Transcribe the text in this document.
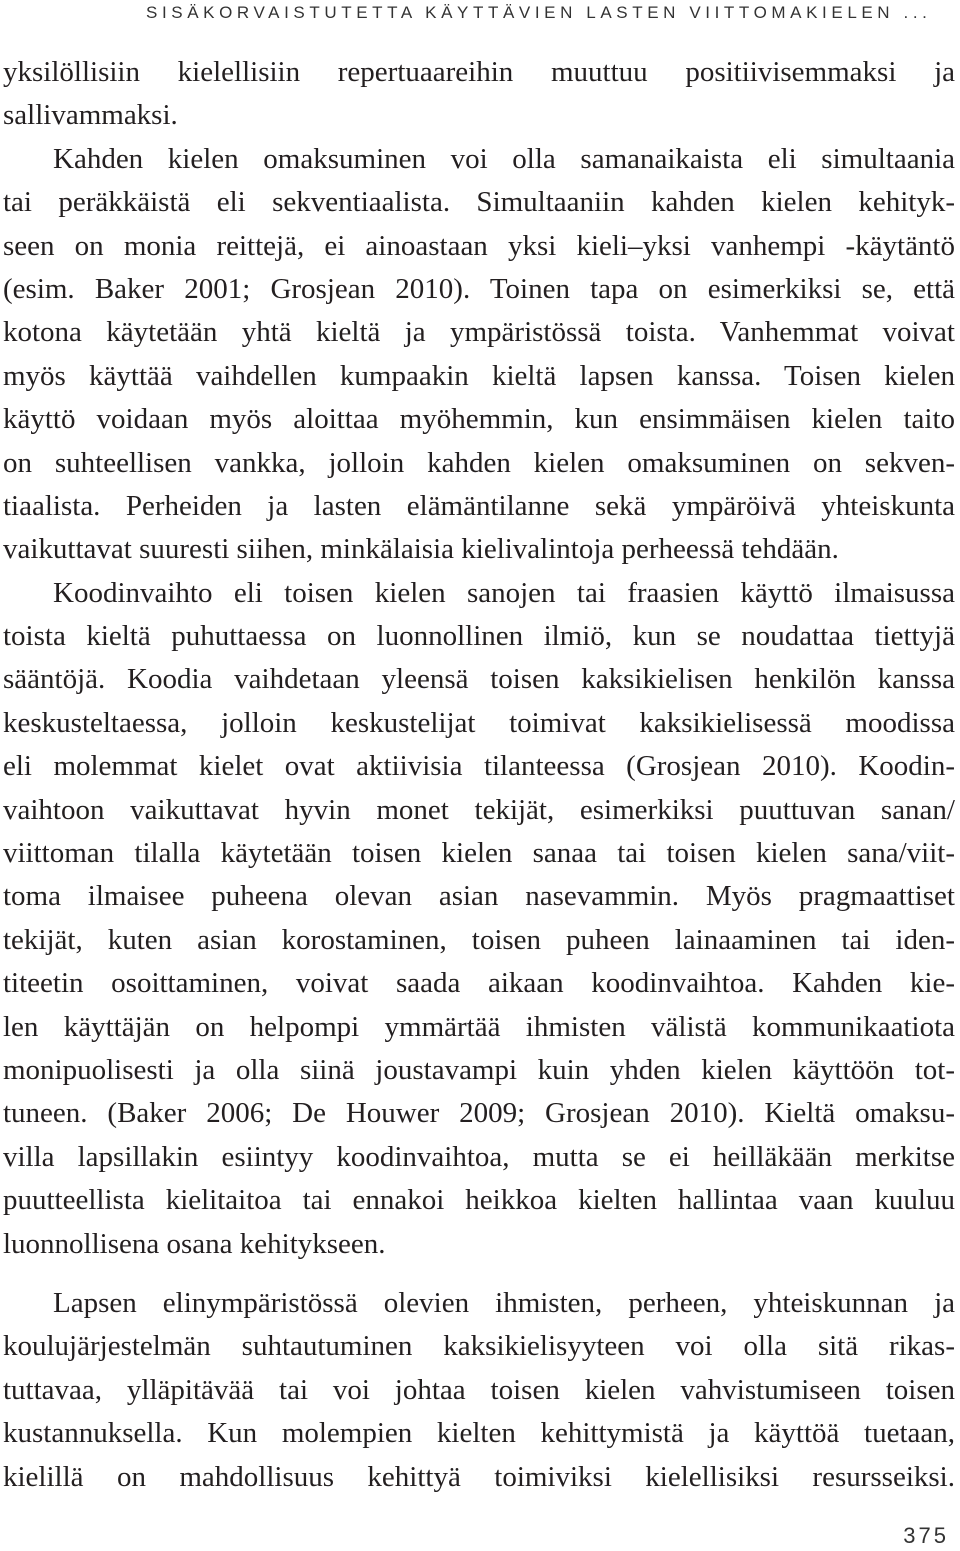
SISÄKORVAISTUTETTA KÄYTTÄVIEN LASTEN VIITTOMAKIELEN ...
yksilöllisiin kielellisiin repertuaareihin muuttuu positiivisemmaksi ja
sallivammaksi.
Kahden kielen omaksuminen voi olla samanaikaista eli simultaania
tai peräkkäistä eli sekventiaalista. Simultaaniin kahden kielen kehityk-
seen on monia reittejä, ei ainoastaan yksi kieli–yksi vanhempi -käytäntö
(esim. Baker 2001; Grosjean 2010). Toinen tapa on esimerkiksi se, että
kotona käytetään yhtä kieltä ja ympäristössä toista. Vanhemmat voivat
myös käyttää vaihdellen kumpaakin kieltä lapsen kanssa. Toisen kielen
käyttö voidaan myös aloittaa myöhemmin, kun ensimmäisen kielen taito
on suhteellisen vankka, jolloin kahden kielen omaksuminen on sekven-
tiaalista. Perheiden ja lasten elämäntilanne sekä ympäröivä yhteiskunta
vaikuttavat suuresti siihen, minkälaisia kielivalintoja perheessä tehdään.
Koodinvaihto eli toisen kielen sanojen tai fraasien käyttö ilmaisussa
toista kieltä puhuttaessa on luonnollinen ilmiö, kun se noudattaa tiettyjä
sääntöjä. Koodia vaihdetaan yleensä toisen kaksikielisen henkilön kanssa
keskusteltaessa, jolloin keskustelijat toimivat kaksikielisessä moodissa
eli molemmat kielet ovat aktiivisia tilanteessa (Grosjean 2010). Koodin-
vaihtoon vaikuttavat hyvin monet tekijät, esimerkiksi puuttuvan sanan/
viittoman tilalla käytetään toisen kielen sanaa tai toisen kielen sana/viit-
toma ilmaisee puheena olevan asian nasevammin. Myös pragmaattiset
tekijät, kuten asian korostaminen, toisen puheen lainaaminen tai iden-
titeetin osoittaminen, voivat saada aikaan koodinvaihtoa. Kahden kie-
len käyttäjän on helpompi ymmärtää ihmisten välistä kommunikaatiota
monipuolisesti ja olla siinä joustavampi kuin yhden kielen käyttöön tot-
tuneen. (Baker 2006; De Houwer 2009; Grosjean 2010). Kieltä omaksu-
villa lapsillakin esiintyy koodinvaihtoa, mutta se ei heilläkään merkitse
puutteellista kielitaitoa tai ennakoi heikkoa kielten hallintaa vaan kuuluu
luonnollisena osana kehitykseen.
Lapsen elinympäristössä olevien ihmisten, perheen, yhteiskunnan ja
koulujärjestelmän suhtautuminen kaksikielisyyteen voi olla sitä rikas-
tuttavaa, ylläpitävää tai voi johtaa toisen kielen vahvistumiseen toisen
kustannuksella. Kun molempien kielten kehittymistä ja käyttöä tuetaan,
kielillä on mahdollisuus kehittyä toimiviksi kielellisiksi resursseiksi.
375
